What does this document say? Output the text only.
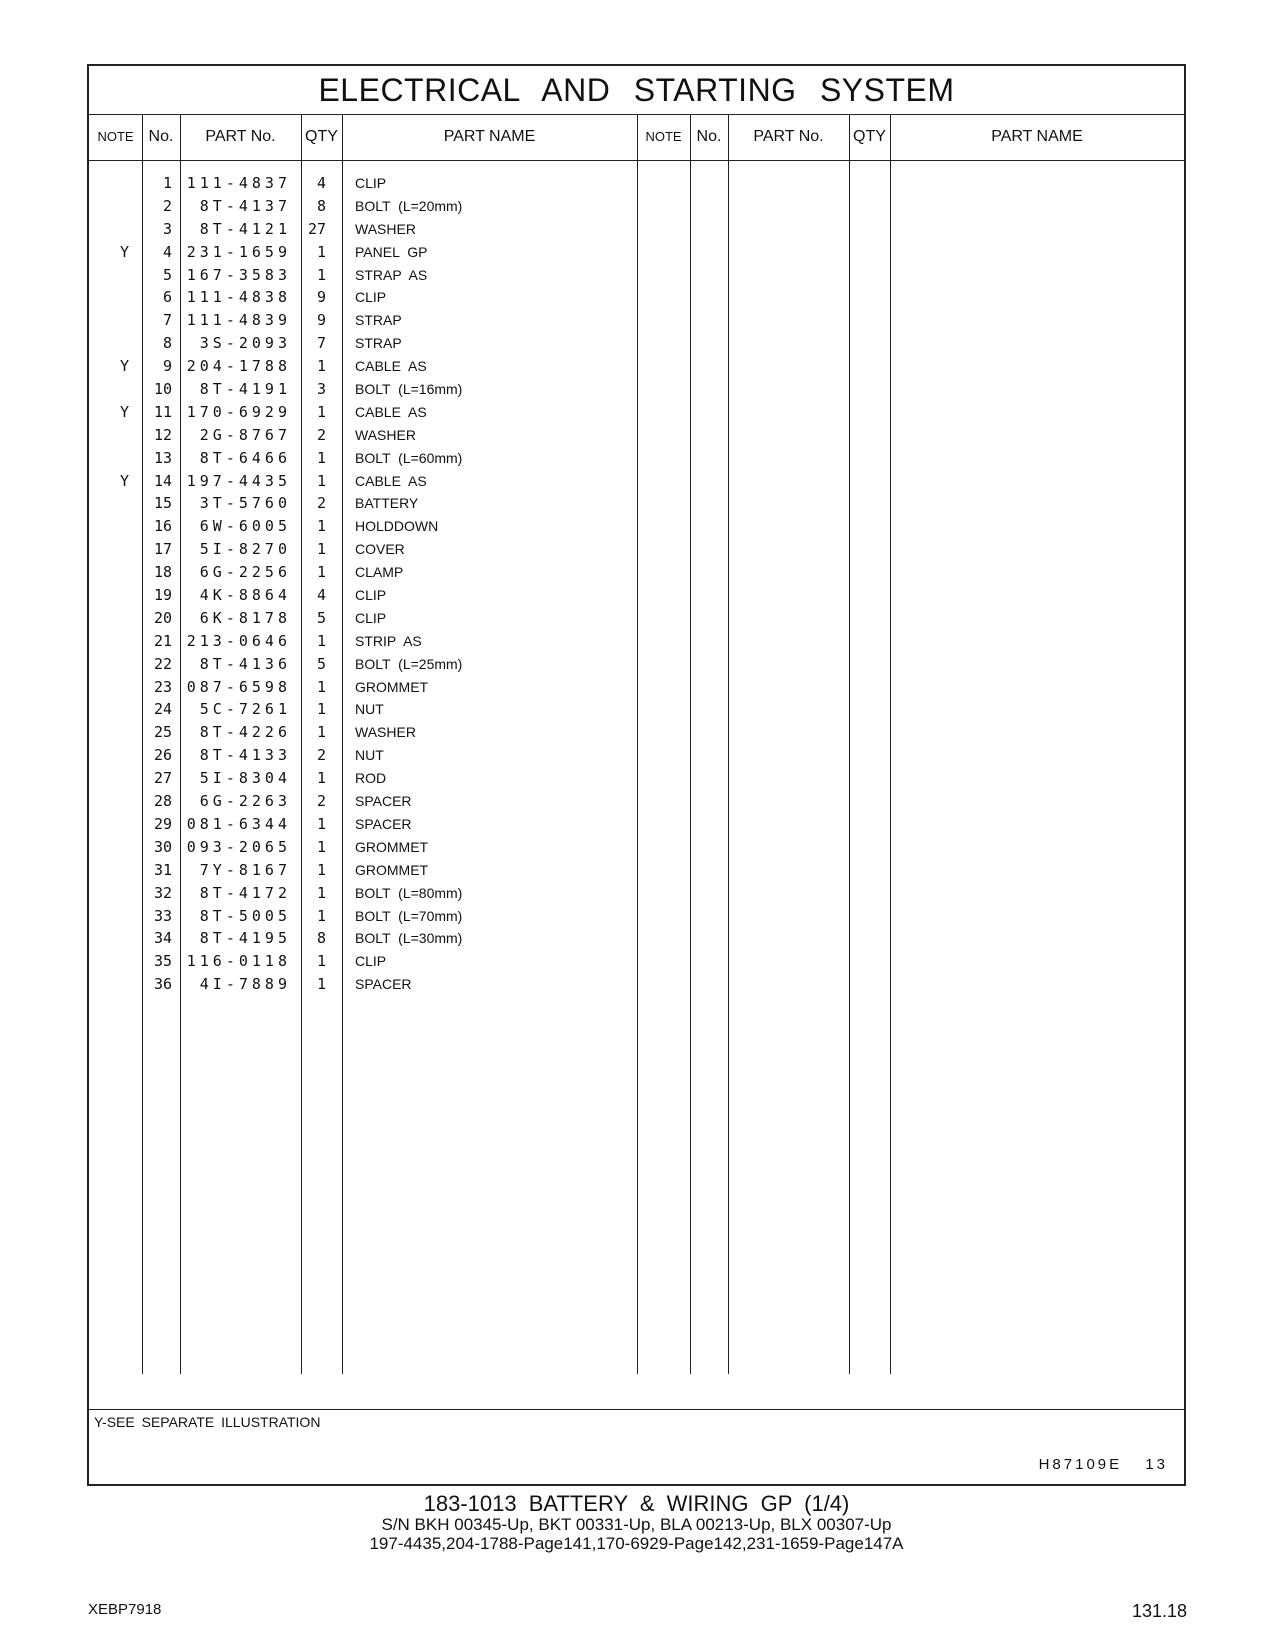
ELECTRICAL AND STARTING SYSTEM
NOTE No.	PART No.	QTY	PART NAME	NOTE No.	PART No.	QTY	PART NAME
1 111-4837	4 CLIP
2	8T-4137	8 BOLT (L=20mm)
3	8T-4121	27 WASHER
Y	4 231-1659	1 PANEL GP
5 167-3583	1 STRAP AS
6 111-4838	9 CLIP
7 111-4839	9 STRAP
8	3S-2093	7 STRAP
Y	9 204-1788	1 CABLE AS
10	8T-4191	3 BOLT (L=16mm)
Y	11 170-6929	1 CABLE AS
12	2G-8767	2 WASHER
13	8T-6466	1 BOLT (L=60mm)
Y	14 197-4435	1 CABLE AS
15	3T-5760	2 BATTERY
16	6W-6005	1 HOLDDOWN
17	5I-8270	1 COVER
18	6G-2256	1 CLAMP
19	4K-8864	4 CLIP
20	6K-8178	5 CLIP
21 213-0646	1 STRIP AS
22	8T-4136	5 BOLT (L=25mm)
23 087-6598	1 GROMMET
24	5C-7261	1 NUT
25	8T-4226	1 WASHER
26	8T-4133	2 NUT
27	5I-8304	1 ROD
28	6G-2263	2 SPACER
29 081-6344	1 SPACER
30 093-2065	1 GROMMET
31	7Y-8167	1 GROMMET
32	8T-4172	1 BOLT (L=80mm)
33	8T-5005	1 BOLT (L=70mm)
34	8T-4195	8 BOLT (L=30mm)
35 116-0118	1 CLIP
36	4I-7889	1 SPACER
Y-SEE SEPARATE ILLUSTRATION
H87109E 13
183-1013 BATTERY & WIRING GP (1/4)
S/N BKH 00345-Up, BKT 00331-Up, BLA 00213-Up, BLX 00307-Up
197-4435,204-1788-Page141,170-6929-Page142,231-1659-Page147A
XEBP7918	131.18
